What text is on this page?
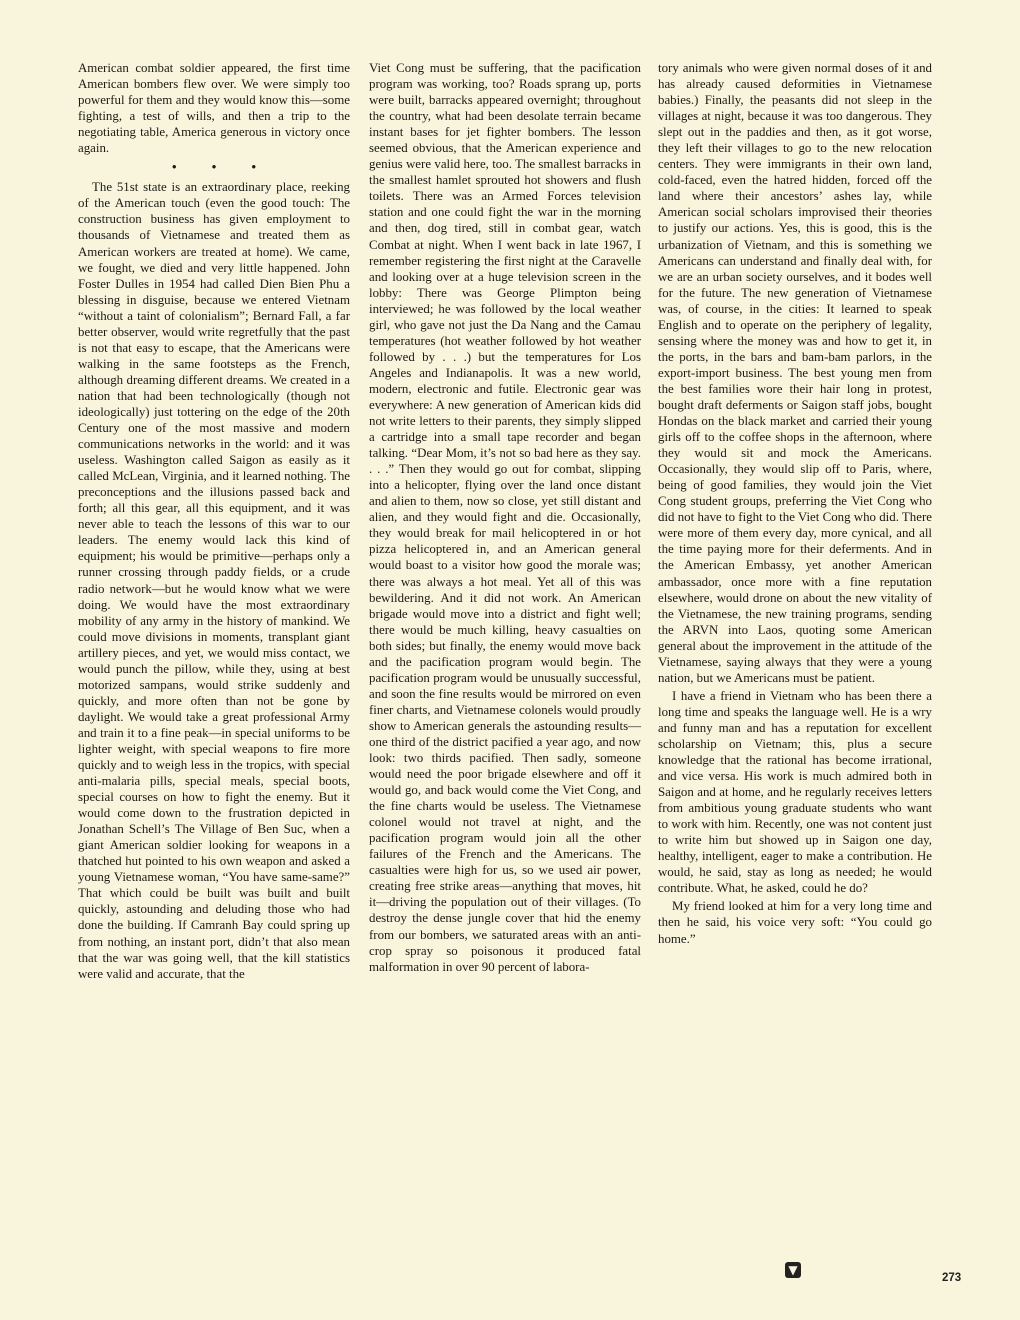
American combat soldier appeared, the first time American bombers flew over. We were simply too powerful for them and they would know this—some fighting, a test of wills, and then a trip to the negotiating table, America generous in victory once again.

• • •

The 51st state is an extraordinary place, reeking of the American touch (even the good touch: The construction business has given employment to thousands of Vietnamese and treated them as American workers are treated at home). We came, we fought, we died and very little happened. John Foster Dulles in 1954 had called Dien Bien Phu a blessing in disguise, because we entered Vietnam “without a taint of colonialism”; Bernard Fall, a far better observer, would write regretfully that the past is not that easy to escape, that the Americans were walking in the same footsteps as the French, although dreaming different dreams. We created in a nation that had been technologically (though not ideologically) just tottering on the edge of the 20th Century one of the most massive and modern communications networks in the world: and it was useless. Washington called Saigon as easily as it called McLean, Virginia, and it learned nothing. The preconceptions and the illusions passed back and forth; all this gear, all this equipment, and it was never able to teach the lessons of this war to our leaders. The enemy would lack this kind of equipment; his would be primitive—perhaps only a runner crossing through paddy fields, or a crude radio network—but he would know what we were doing. We would have the most extraordinary mobility of any army in the history of mankind. We could move divisions in moments, transplant giant artillery pieces, and yet, we would miss contact, we would punch the pillow, while they, using at best motorized sampans, would strike suddenly and quickly, and more often than not be gone by daylight. We would take a great professional Army and train it to a fine peak—in special uniforms to be lighter weight, with special weapons to fire more quickly and to weigh less in the tropics, with special anti-malaria pills, special meals, special boots, special courses on how to fight the enemy. But it would come down to the frustration depicted in Jonathan Schell’s The Village of Ben Suc, when a giant American soldier looking for weapons in a thatched hut pointed to his own weapon and asked a young Vietnamese woman, “You have same-same?” That which could be built was built and built quickly, astounding and deluding those who had done the building. If Camranh Bay could spring up from nothing, an instant port, didn’t that also mean that the war was going well, that the kill statistics were valid and accurate, that the

Viet Cong must be suffering, that the pacification program was working, too? Roads sprang up, ports were built, barracks appeared overnight; throughout the country, what had been desolate terrain became instant bases for jet fighter bombers. The lesson seemed obvious, that the American experience and genius were valid here, too. The smallest barracks in the smallest hamlet sprouted hot showers and flush toilets. There was an Armed Forces television station and one could fight the war in the morning and then, dog tired, still in combat gear, watch Combat at night. When I went back in late 1967, I remember registering the first night at the Caravelle and looking over at a huge television screen in the lobby: There was George Plimpton being interviewed; he was followed by the local weather girl, who gave not just the Da Nang and the Camau temperatures (hot weather followed by hot weather followed by . . .) but the temperatures for Los Angeles and Indianapolis. It was a new world, modern, electronic and futile. Electronic gear was everywhere: A new generation of American kids did not write letters to their parents, they simply slipped a cartridge into a small tape recorder and began talking. “Dear Mom, it’s not so bad here as they say. . . .” Then they would go out for combat, slipping into a helicopter, flying over the land once distant and alien to them, now so close, yet still distant and alien, and they would fight and die. Occasionally, they would break for mail helicoptered in or hot pizza helicoptered in, and an American general would boast to a visitor how good the morale was; there was always a hot meal. Yet all of this was bewildering. And it did not work. An American brigade would move into a district and fight well; there would be much killing, heavy casualties on both sides; but finally, the enemy would move back and the pacification program would begin. The pacification program would be unusually successful, and soon the fine results would be mirrored on even finer charts, and Vietnamese colonels would proudly show to American generals the astounding results—one third of the district pacified a year ago, and now look: two thirds pacified. Then sadly, someone would need the poor brigade elsewhere and off it would go, and back would come the Viet Cong, and the fine charts would be useless. The Vietnamese colonel would not travel at night, and the pacification program would join all the other failures of the French and the Americans. The casualties were high for us, so we used air power, creating free strike areas—anything that moves, hit it—driving the population out of their villages. (To destroy the dense jungle cover that hid the enemy from our bombers, we saturated areas with an anti-crop spray so poisonous it produced fatal malformation in over 90 percent of labora-

tory animals who were given normal doses of it and has already caused deformities in Vietnamese babies.) Finally, the peasants did not sleep in the villages at night, because it was too dangerous. They slept out in the paddies and then, as it got worse, they left their villages to go to the new relocation centers. They were immigrants in their own land, cold-faced, even the hatred hidden, forced off the land where their ancestors’ ashes lay, while American social scholars improvised their theories to justify our actions. Yes, this is good, this is the urbanization of Vietnam, and this is something we Americans can understand and finally deal with, for we are an urban society ourselves, and it bodes well for the future. The new generation of Vietnamese was, of course, in the cities: It learned to speak English and to operate on the periphery of legality, sensing where the money was and how to get it, in the ports, in the bars and bam-bam parlors, in the export-import business. The best young men from the best families wore their hair long in protest, bought draft deferments or Saigon staff jobs, bought Hondas on the black market and carried their young girls off to the coffee shops in the afternoon, where they would sit and mock the Americans. Occasionally, they would slip off to Paris, where, being of good families, they would join the Viet Cong student groups, preferring the Viet Cong who did not have to fight to the Viet Cong who did. There were more of them every day, more cynical, and all the time paying more for their deferments. And in the American Embassy, yet another American ambassador, once more with a fine reputation elsewhere, would drone on about the new vitality of the Vietnamese, the new training programs, sending the ARVN into Laos, quoting some American general about the improvement in the attitude of the Vietnamese, saying always that they were a young nation, but we Americans must be patient.

I have a friend in Vietnam who has been there a long time and speaks the language well. He is a wry and funny man and has a reputation for excellent scholarship on Vietnam; this, plus a secure knowledge that the rational has become irrational, and vice versa. His work is much admired both in Saigon and at home, and he regularly receives letters from ambitious young graduate students who want to work with him. Recently, one was not content just to write him but showed up in Saigon one day, healthy, intelligent, eager to make a contribution. He would, he said, stay as long as needed; he would contribute. What, he asked, could he do?

My friend looked at him for a very long time and then he said, his voice very soft: “You could go home.”

▼
273
